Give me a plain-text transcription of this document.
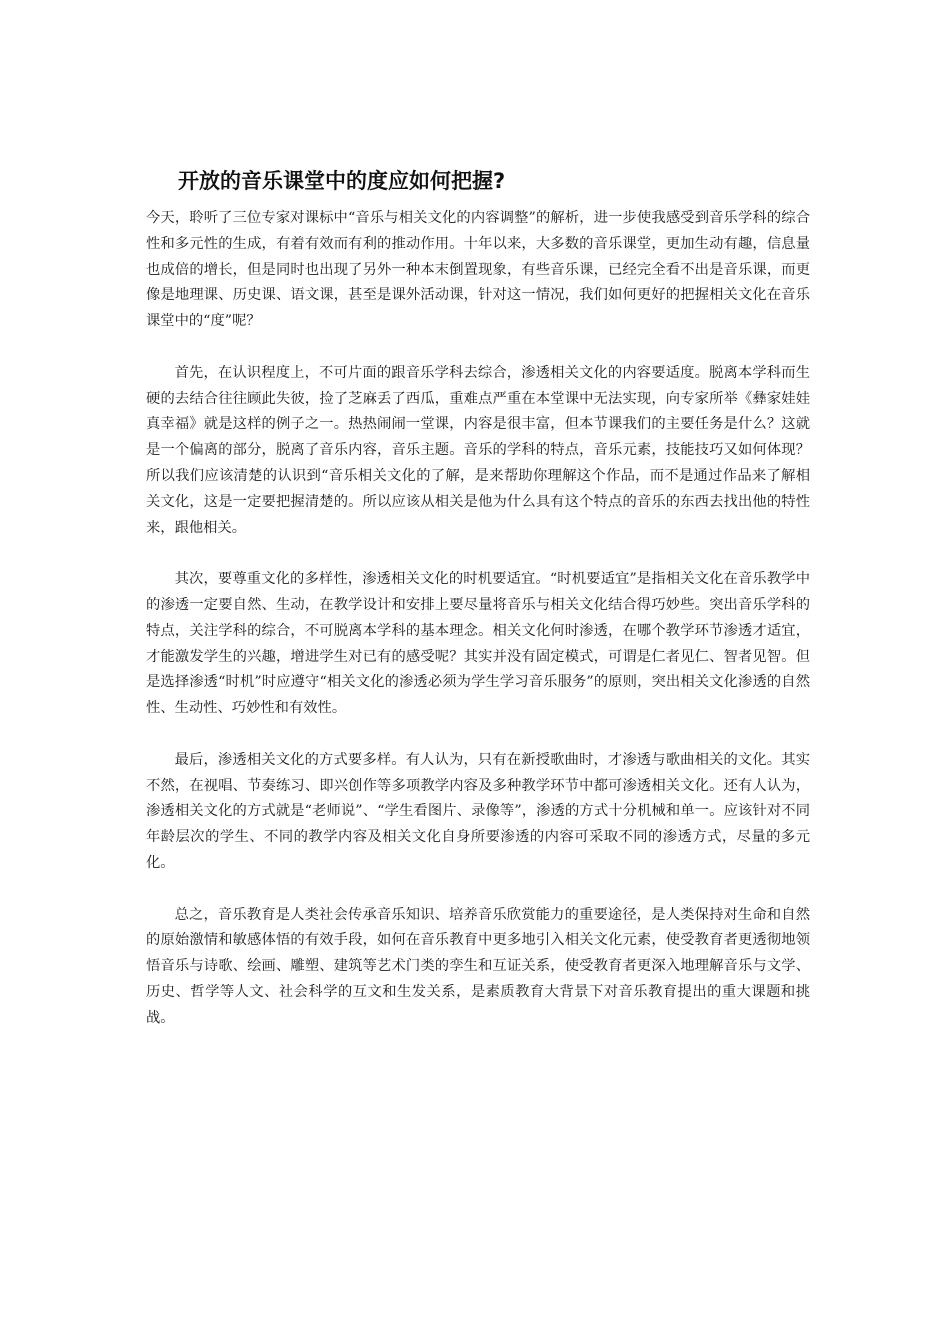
开放的音乐课堂中的度应如何把握?

今天，聆听了三位专家对课标中“音乐与相关文化的内容调整”的解析，进一步使我感受到音乐学科的综合性和多元性的生成，有着有效而有利的推动作用。十年以来，大多数的音乐课堂，更加生动有趣，信息量也成倍的增长，但是同时也出现了另外一种本末倒置现象，有些音乐课，已经完全看不出是音乐课，而更像是地理课、历史课、语文课，甚至是课外活动课，针对这一情况，我们如何更好的把握相关文化在音乐课堂中的“度”呢？

首先，在认识程度上，不可片面的跟音乐学科去综合，渗透相关文化的内容要适度。脱离本学科而生硬的去结合往往顾此失彼，捡了芝麻丢了西瓜，重难点严重在本堂课中无法实现，向专家所举《彝家娃娃真幸福》就是这样的例子之一。热热闹闹一堂课，内容是很丰富，但本节课我们的主要任务是什么？这就是一个偏离的部分，脱离了音乐内容，音乐主题。音乐的学科的特点，音乐元素，技能技巧又如何体现？所以我们应该清楚的认识到“音乐相关文化的了解，是来帮助你理解这个作品，而不是通过作品来了解相关文化，这是一定要把握清楚的。所以应该从相关是他为什么具有这个特点的音乐的东西去找出他的特性来，跟他相关。

其次，要尊重文化的多样性，渗透相关文化的时机要适宜。“时机要适宜”是指相关文化在音乐教学中的渗透一定要自然、生动，在教学设计和安排上要尽量将音乐与相关文化结合得巧妙些。突出音乐学科的特点，关注学科的综合，不可脱离本学科的基本理念。相关文化何时渗透，在哪个教学环节渗透才适宜，才能激发学生的兴趣，增进学生对已有的感受呢？其实并没有固定模式，可谓是仁者见仁、智者见智。但是选择渗透“时机”时应遵守“相关文化的渗透必须为学生学习音乐服务”的原则，突出相关文化渗透的自然性、生动性、巧妙性和有效性。

最后，渗透相关文化的方式要多样。有人认为，只有在新授歌曲时，才渗透与歌曲相关的文化。其实不然，在视唱、节奏练习、即兴创作等多项教学内容及多种教学环节中都可渗透相关文化。还有人认为，渗透相关文化的方式就是“老师说”、“学生看图片、录像等”，渗透的方式十分机械和单一。应该针对不同年龄层次的学生、不同的教学内容及相关文化自身所要渗透的内容可采取不同的渗透方式，尽量的多元化。

总之，音乐教育是人类社会传承音乐知识、培养音乐欣赏能力的重要途径，是人类保持对生命和自然的原始激情和敏感体悟的有效手段，如何在音乐教育中更多地引入相关文化元素，使受教育者更透彻地领悟音乐与诗歌、绘画、雕塑、建筑等艺术门类的孪生和互证关系，使受教育者更深入地理解音乐与文学、历史、哲学等人文、社会科学的互文和生发关系，是素质教育大背景下对音乐教育提出的重大课题和挑战。
